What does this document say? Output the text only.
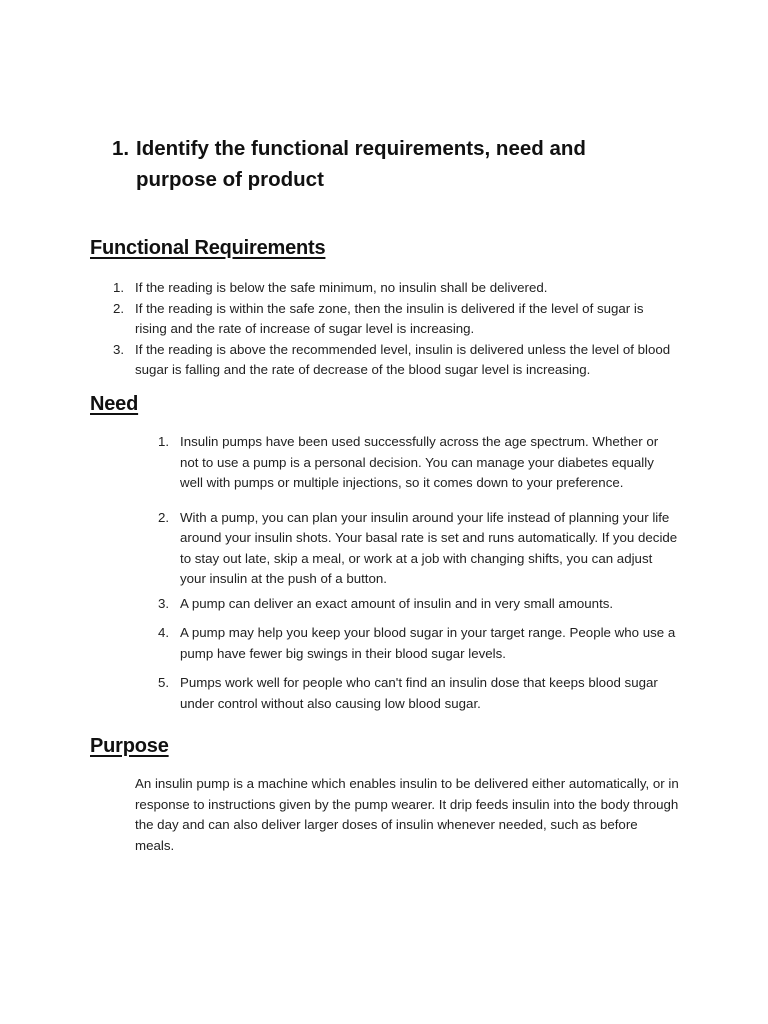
1. Identify the functional requirements, need and purpose of product
Functional Requirements
1. If the reading is below the safe minimum, no insulin shall be delivered.
2. If the reading is within the safe zone, then the insulin is delivered if the level of sugar is rising and the rate of increase of sugar level is increasing.
3. If the reading is above the recommended level, insulin is delivered unless the level of blood sugar is falling and the rate of decrease of the blood sugar level is increasing.
Need
1. Insulin pumps have been used successfully across the age spectrum. Whether or not to use a pump is a personal decision. You can manage your diabetes equally well with pumps or multiple injections, so it comes down to your preference.
2. With a pump, you can plan your insulin around your life instead of planning your life around your insulin shots. Your basal rate is set and runs automatically. If you decide to stay out late, skip a meal, or work at a job with changing shifts, you can adjust your insulin at the push of a button.
3. A pump can deliver an exact amount of insulin and in very small amounts.
4. A pump may help you keep your blood sugar in your target range. People who use a pump have fewer big swings in their blood sugar levels.
5. Pumps work well for people who can't find an insulin dose that keeps blood sugar under control without also causing low blood sugar.
Purpose

An insulin pump is a machine which enables insulin to be delivered either automatically, or in response to instructions given by the pump wearer. It drip feeds insulin into the body through the day and can also deliver larger doses of insulin whenever needed, such as before meals.
